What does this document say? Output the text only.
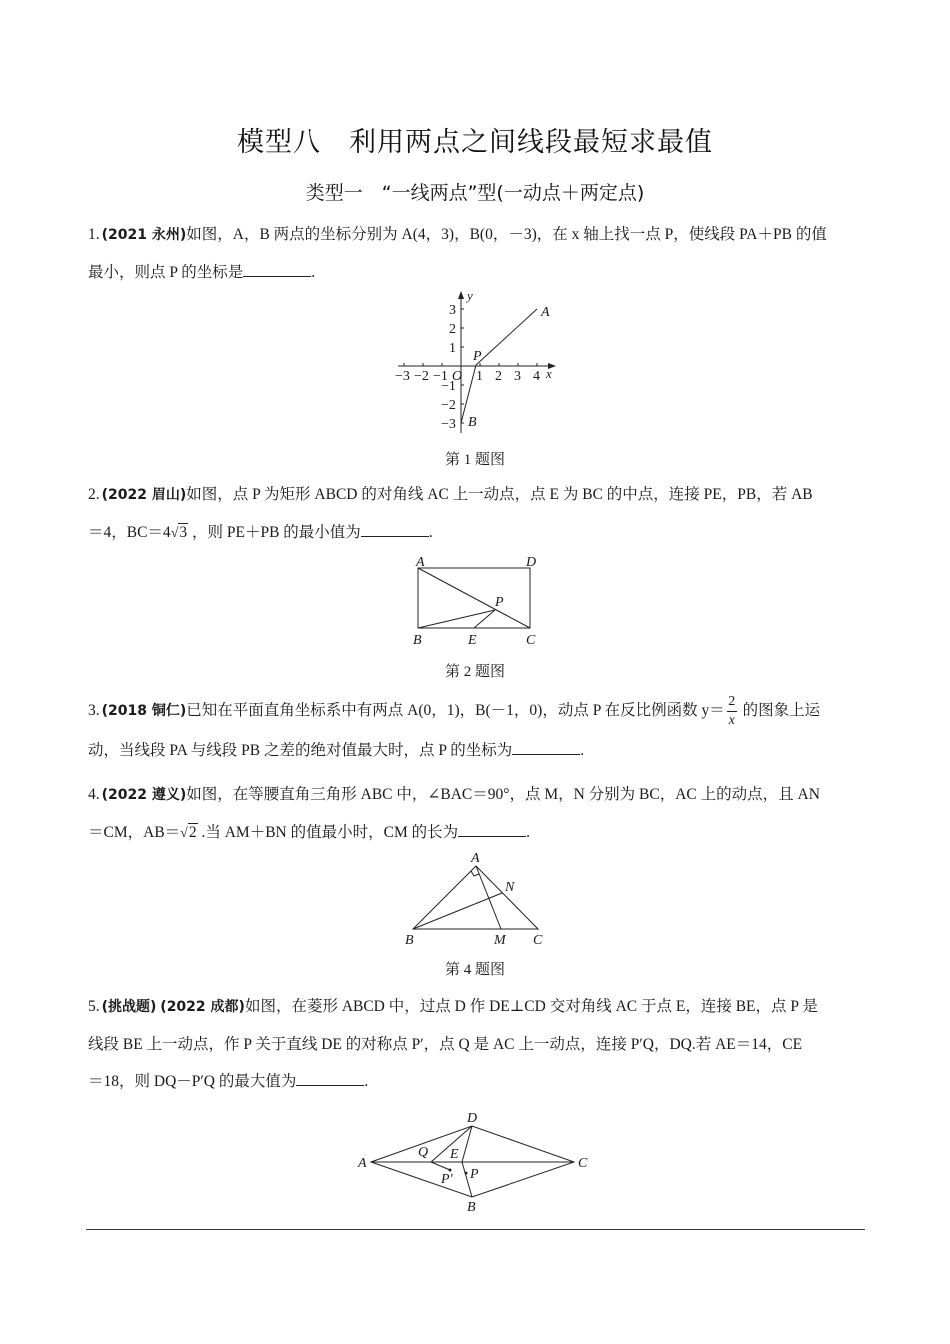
模型八　利用两点之间线段最短求最值
类型一　“一线两点”型(一动点＋两定点)
1. (2021 永州)如图，A，B 两点的坐标分别为 A(4，3)，B(0，－3)，在 x 轴上找一点 P，使线段 PA＋PB 的值
最小，则点 P 的坐标是	.
−3 −2 −1 O 1 2 3 4 x
y
3
2
1
−1
−2
−3
A
B
P
第 1 题图
2. (2022 眉山)如图，点 P 为矩形 ABCD 的对角线 AC 上一动点，点 E 为 BC 的中点，连接 PE，PB，若 AB
＝4，BC＝4√3 ，则 PE＋PB 的最小值为	.
A	D
B	E	C
P
第 2 题图
3. (2018 铜仁)已知在平面直角坐标系中有两点 A(0，1)，B(－1，0)，动点 P 在反比例函数 $y= \frac{2}{x}$ 的图象上运
动，当线段 PA 与线段 PB 之差的绝对值最大时，点 P 的坐标为	.
4. (2022 遵义)如图，在等腰直角三角形 ABC 中，∠BAC＝90°，点 M，N 分别为 BC，AC 上的动点，且 AN
＝CM，AB＝√2 .当 AM＋BN 的值最小时，CM 的长为	.
A
N
B	M C
第 4 题图
5. (挑战题) (2022 成都)如图，在菱形 ABCD 中，过点 D 作 DE⊥CD 交对角线 AC 于点 E，连接 BE，点 P 是
线段 BE 上一动点，作 P 关于直线 DE 的对称点 P′，点 Q 是 AC 上一动点，连接 P′Q，DQ.若 AE＝14，CE
＝18，则 DQ－P′Q 的最大值为	.
A	C
D
B
Q E
P′ P
